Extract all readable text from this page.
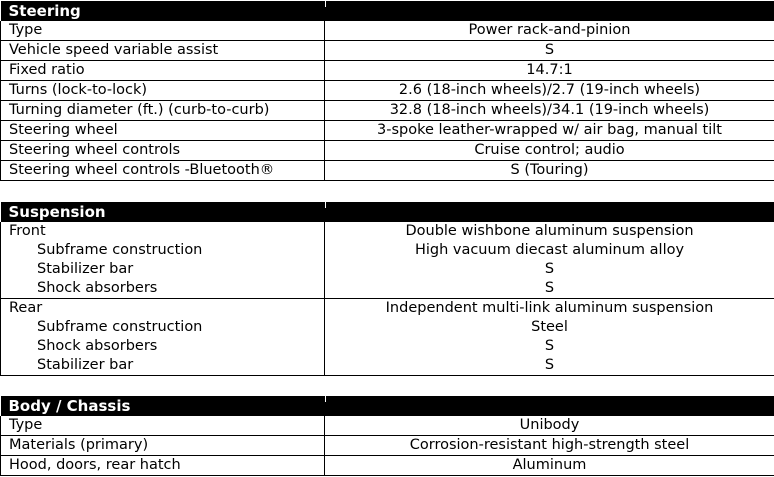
Steering	

Type	Power rack-and-pinion
Vehicle speed variable assist	S
Fixed ratio	14.7:1
Turns (lock-to-lock)	2.6 (18-inch wheels)/2.7 (19-inch wheels)
Turning diameter (ft.) (curb-to-curb)	32.8 (18-inch wheels)/34.1 (19-inch wheels)
Steering wheel	3-spoke leather-wrapped w/ air bag, manual tilt
Steering wheel controls	Cruise control; audio
Steering wheel controls -Bluetooth®	S (Touring)
Suspension	

Front	Double wishbone aluminum suspension
Subframe construction	High vacuum diecast aluminum alloy
Stabilizer bar	S
Shock absorbers	S
Rear	Independent multi-link aluminum suspension
Subframe construction	Steel
Shock absorbers	S
Stabilizer bar	S
Body / Chassis	

Type	Unibody
Materials (primary)	Corrosion-resistant high-strength steel
Hood, doors, rear hatch	Aluminum
